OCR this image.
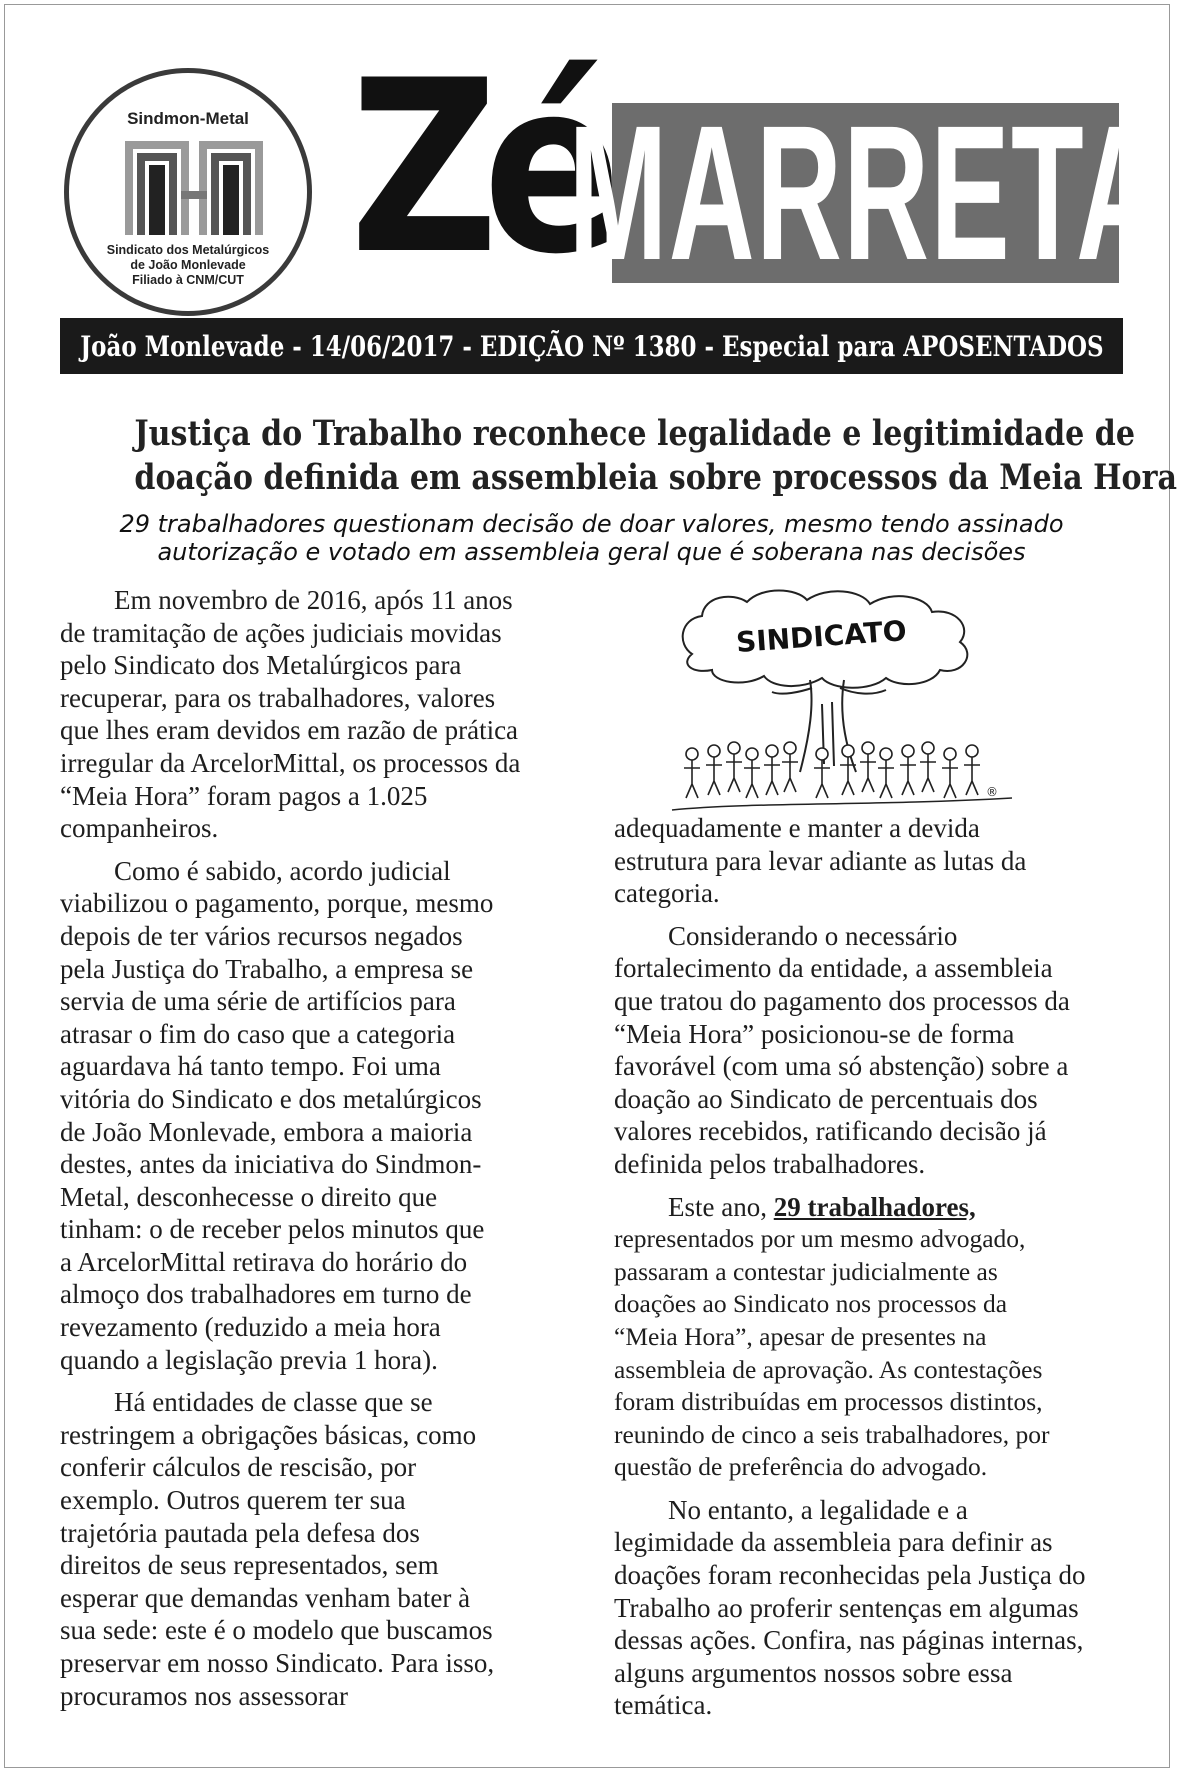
Sindmon-Metal
Sindicato dos Metalúrgicos
de João Monlevade
Filiado à CNM/CUT Zé
MARRETA
João Monlevade - 14/06/2017 - EDIÇÃO Nº 1380 - Especial para APOSENTADOS
Justiça do Trabalho reconhece legalidade e legitimidade de
doação definida em assembleia sobre processos da Meia Hora
29 trabalhadores questionam decisão de doar valores, mesmo tendo assinado
autorização e votado em assembleia geral que é soberana nas decisões

  Em novembro de 2016, após 11 anos

de tramitação de ações judiciais movidas

pelo Sindicato dos Metalúrgicos para

recuperar, para os trabalhadores, valores

que lhes eram devidos em razão de prática

irregular da ArcelorMittal, os processos da

“Meia Hora” foram pagos a 1.025

companheiros.

  Como é sabido, acordo judicial

viabilizou o pagamento, porque, mesmo

depois de ter vários recursos negados

pela Justiça do Trabalho, a empresa se

servia de uma série de artifícios para

atrasar o fim do caso que a categoria

aguardava há tanto tempo. Foi uma

vitória do Sindicato e dos metalúrgicos

de João Monlevade, embora a maioria

destes, antes da iniciativa do Sindmon-

Metal, desconhecesse o direito que

tinham: o de receber pelos minutos que

a ArcelorMittal retirava do horário do

almoço dos trabalhadores em turno de

revezamento (reduzido a meia hora

quando a legislação previa 1 hora).

  Há entidades de classe que se

restringem a obrigações básicas, como

conferir cálculos de rescisão, por

exemplo. Outros querem ter sua

trajetória pautada pela defesa dos

direitos de seus representados, sem

esperar que demandas venham bater à

sua sede: este é o modelo que buscamos

preservar em nosso Sindicato. Para isso,

procuramos nos assessorar

SINDICATO
®

adequadamente e manter a devida

estrutura para levar adiante as lutas da

categoria.

  Considerando o necessário

fortalecimento da entidade, a assembleia

que tratou do pagamento dos processos da

“Meia Hora” posicionou-se de forma

favorável (com uma só abstenção) sobre a

doação ao Sindicato de percentuais dos

valores recebidos, ratificando decisão já

definida pelos trabalhadores.

  Este ano, 29 trabalhadores,

representados por um mesmo advogado,

passaram a contestar judicialmente as

doações ao Sindicato nos processos da

“Meia Hora”, apesar de presentes na

assembleia de aprovação. As contestações

foram distribuídas em processos distintos,

reunindo de cinco a seis trabalhadores, por

questão de preferência do advogado.

  No entanto, a legalidade e a

legimidade da assembleia para definir as

doações foram reconhecidas pela Justiça do

Trabalho ao proferir sentenças em algumas

dessas ações. Confira, nas páginas internas,

alguns argumentos nossos sobre essa

temática.
